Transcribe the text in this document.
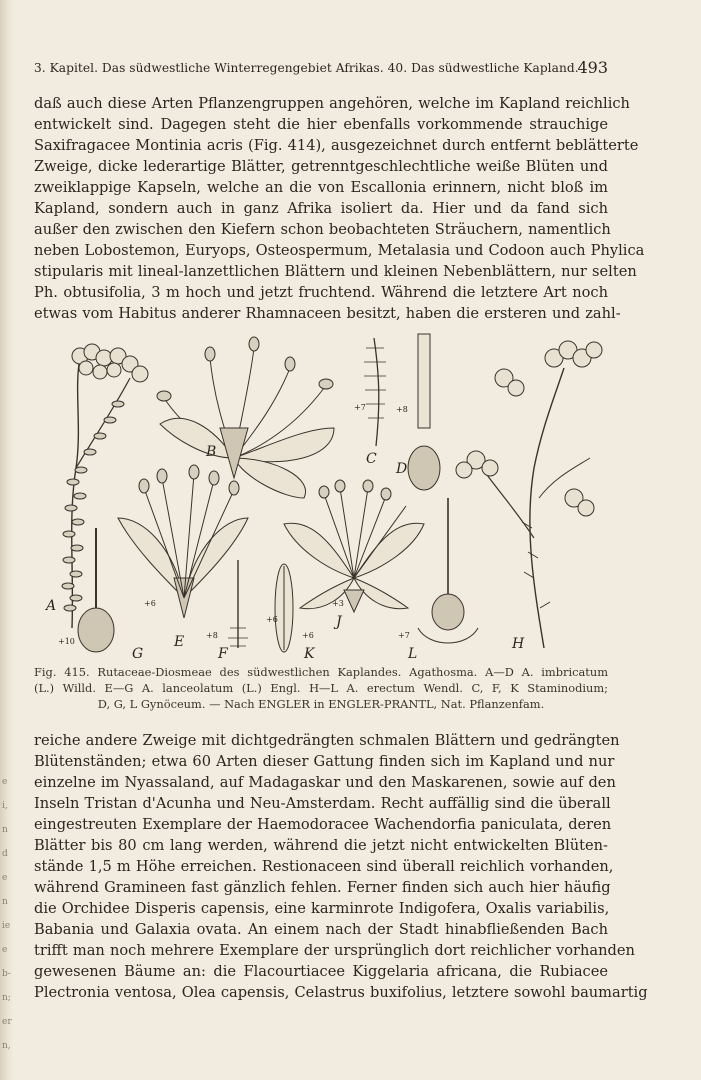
e
i,
n
d
e
n
ie
e
b-
n;
er
n,
3. Kapitel. Das südwestliche Winterregengebiet Afrikas. 40. Das südwestliche Kapland.
493
daß auch diese Arten Pflanzengruppen angehören, welche im Kapland reichlich
entwickelt sind. Dagegen steht die hier ebenfalls vorkommende strauchige
Saxifragacee Montinia acris (Fig. 414), ausgezeichnet durch entfernt beblätterte
Zweige, dicke lederartige Blätter, getrenntgeschlechtliche weiße Blüten und
zweiklappige Kapseln, welche an die von Escallonia erinnern, nicht bloß im
Kapland, sondern auch in ganz Afrika isoliert da. Hier und da fand sich
außer den zwischen den Kiefern schon beobachteten Sträuchern, namentlich
neben Lobostemon, Euryops, Osteospermum, Metalasia und Codoon auch Phylica
stipularis mit lineal-lanzettlichen Blättern und kleinen Nebenblättern, nur selten
Ph. obtusifolia, 3 m hoch und jetzt fruchtend. Während die letztere Art noch
etwas vom Habitus anderer Rhamnaceen besitzt, haben die ersteren und zahl-
A
B	C
D
E
F
G
J
K	L
H
+7	+8
+6
+10
+8	+6
+3
+7
+6
Fig. 415. Rutaceae-Diosmeae des südwestlichen Kaplandes. Agathosma. A—D A. imbricatum
(L.) Willd. E—G A. lanceolatum (L.) Engl. H—L A. erectum Wendl. C, F, K Staminodium;
D, G, L Gynöceum. — Nach ENGLER in ENGLER-PRANTL, Nat. Pflanzenfam.
reiche andere Zweige mit dichtgedrängten schmalen Blättern und gedrängten
Blütenständen; etwa 60 Arten dieser Gattung finden sich im Kapland und nur
einzelne im Nyassaland, auf Madagaskar und den Maskarenen, sowie auf den
Inseln Tristan d'Acunha und Neu-Amsterdam. Recht auffällig sind die überall
eingestreuten Exemplare der Haemodoracee Wachendorfia paniculata, deren
Blätter bis 80 cm lang werden, während die jetzt nicht entwickelten Blüten-
stände 1,5 m Höhe erreichen. Restionaceen sind überall reichlich vorhanden,
während Gramineen fast gänzlich fehlen. Ferner finden sich auch hier häufig
die Orchidee Disperis capensis, eine karminrote Indigofera, Oxalis variabilis,
Babania und Galaxia ovata. An einem nach der Stadt hinabfließenden Bach
trifft man noch mehrere Exemplare der ursprünglich dort reichlicher vorhanden
gewesenen Bäume an: die Flacourtiacee Kiggelaria africana, die Rubiacee
Plectronia ventosa, Olea capensis, Celastrus buxifolius, letztere sowohl baumartig
